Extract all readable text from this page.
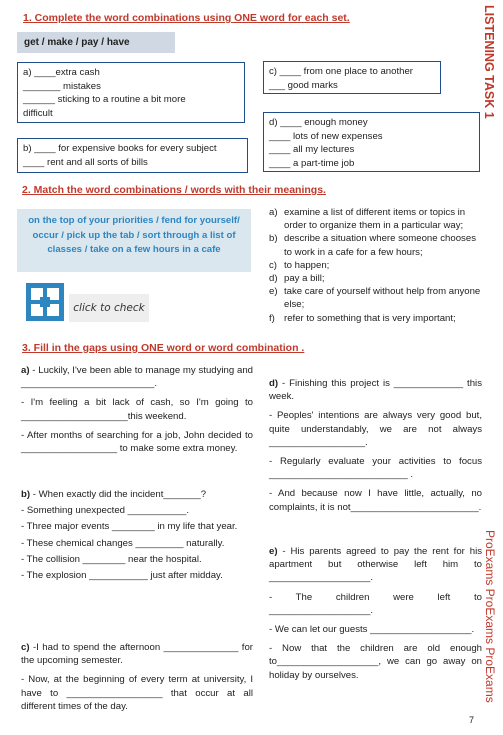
LISTENING TASK 1
ProExams ProExams ProExams
7
1. Complete the word combinations using ONE word for each set.
get / make / pay / have
a) ____extra cash
_______ mistakes
______ sticking to a routine a bit more
difficult
b) ____ for expensive books for every subject
____ rent and all sorts of bills
c) ____ from one place to another
___ good marks
d) ____ enough money
____ lots of new expenses
____ all my lectures
____ a part-time job
2. Match the word combinations / words with their meanings.
on the top of your priorities / fend for yourself/ occur / pick up the tab / sort through a list of classes / take on a few hours in a cafe
click to check
a) examine a list of different items or topics in order to organize them in a particular way;
b) describe a situation where someone chooses to work in a cafe for a few hours;
c) to happen;
d) pay a bill;
e) take care of yourself without help from anyone else;
f) refer to something that is very important;
3. Fill in the gaps using ONE word or word combination .
a) - Luckily, I've been able to manage my studying and _________________________.
- I'm feeling a bit lack of cash, so I'm going to ____________________this weekend.
- After months of searching for a job, John decided to __________________ to make some extra money.
b) - When exactly did the incident_______?
- Something unexpected ___________.
- Three major events ________ in my life that year.
- These chemical changes _________ naturally.
- The collision ________ near the hospital.
- The explosion ___________ just after midday.
c) -I had to spend the afternoon ______________ for the upcoming semester.
- Now, at the beginning of every term at university, I have to __________________ that occur at all different times of the day.
d) - Finishing this project is _____________ this week.
- Peoples' intentions are always very good but, quite understandably, we are not always __________________.
- Regularly evaluate your activities to focus __________________________ .
- And because now I have little, actually, no complaints, it is not________________________.
e) - His parents agreed to pay the rent for his apartment but otherwise left him to ___________________.
- The children were left to ___________________.
- We can let our guests ___________________.
- Now that the children are old enough to___________________, we can go away on holiday by ourselves.
